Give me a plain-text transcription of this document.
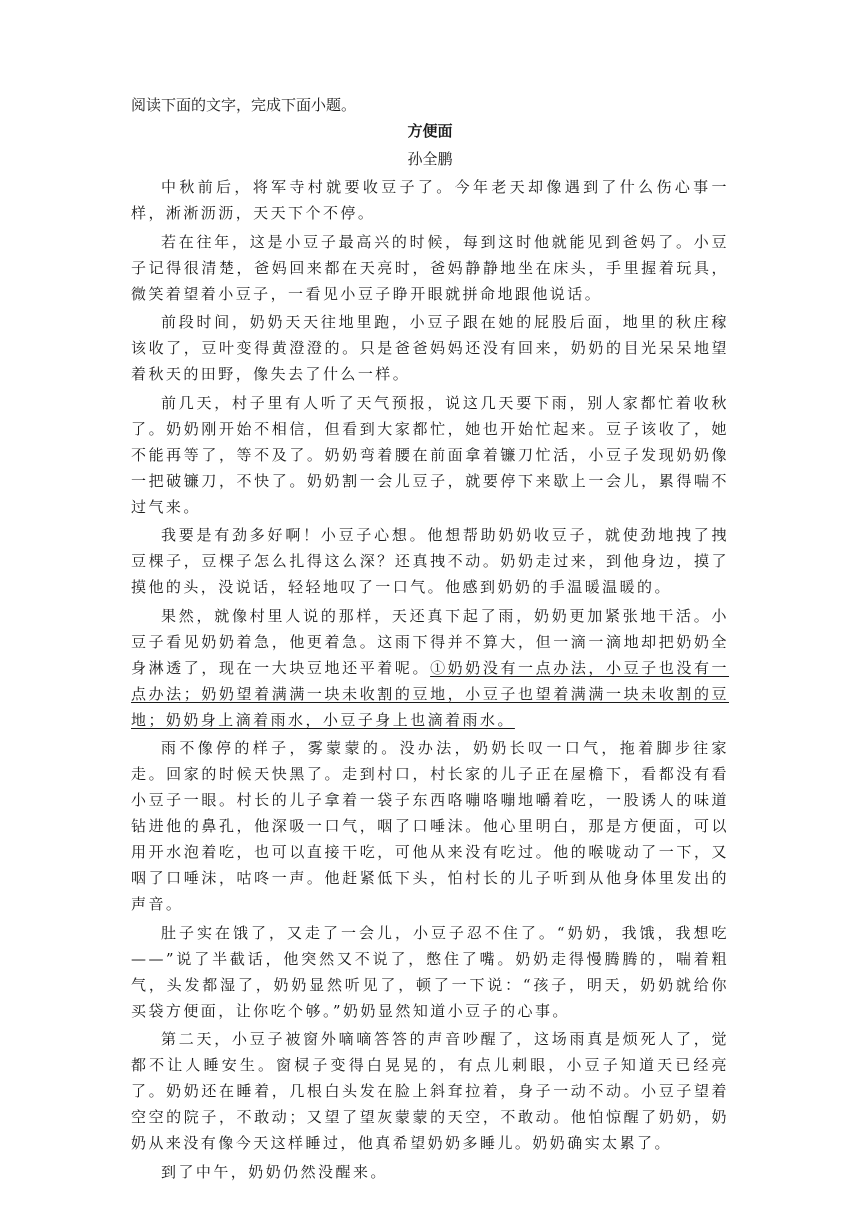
阅读下面的文字，完成下面小题。

方便面

孙全鹏

中秋前后，将军寺村就要收豆子了。今年老天却像遇到了什么伤心事一样，淅淅沥沥，天天下个不停。

若在往年，这是小豆子最高兴的时候，每到这时他就能见到爸妈了。小豆子记得很清楚，爸妈回来都在天亮时，爸妈静静地坐在床头，手里握着玩具，微笑着望着小豆子，一看见小豆子睁开眼就拼命地跟他说话。

前段时间，奶奶天天往地里跑，小豆子跟在她的屁股后面，地里的秋庄稼该收了，豆叶变得黄澄澄的。只是爸爸妈妈还没有回来，奶奶的目光呆呆地望着秋天的田野，像失去了什么一样。

前几天，村子里有人听了天气预报，说这几天要下雨，别人家都忙着收秋了。奶奶刚开始不相信，但看到大家都忙，她也开始忙起来。豆子该收了，她不能再等了，等不及了。奶奶弯着腰在前面拿着镰刀忙活，小豆子发现奶奶像一把破镰刀，不快了。奶奶割一会儿豆子，就要停下来歇上一会儿，累得喘不过气来。

我要是有劲多好啊！小豆子心想。他想帮助奶奶收豆子，就使劲地拽了拽豆棵子，豆棵子怎么扎得这么深？还真拽不动。奶奶走过来，到他身边，摸了摸他的头，没说话，轻轻地叹了一口气。他感到奶奶的手温暖温暖的。

果然，就像村里人说的那样，天还真下起了雨，奶奶更加紧张地干活。小豆子看见奶奶着急，他更着急。这雨下得并不算大，但一滴一滴地却把奶奶全身淋透了，现在一大块豆地还平着呢。①奶奶没有一点办法，小豆子也没有一点办法；奶奶望着满满一块未收割的豆地，小豆子也望着满满一块未收割的豆地；奶奶身上滴着雨水，小豆子身上也滴着雨水。

雨不像停的样子，雾蒙蒙的。没办法，奶奶长叹一口气，拖着脚步往家走。回家的时候天快黑了。走到村口，村长家的儿子正在屋檐下，看都没有看小豆子一眼。村长的儿子拿着一袋子东西咯嘣咯嘣地嚼着吃，一股诱人的味道钻进他的鼻孔，他深吸一口气，咽了口唾沫。他心里明白，那是方便面，可以用开水泡着吃，也可以直接干吃，可他从来没有吃过。他的喉咙动了一下，又咽了口唾沫，咕咚一声。他赶紧低下头，怕村长的儿子听到从他身体里发出的声音。

肚子实在饿了，又走了一会儿，小豆子忍不住了。“奶奶，我饿，我想吃——”说了半截话，他突然又不说了，憋住了嘴。奶奶走得慢腾腾的，喘着粗气，头发都湿了，奶奶显然听见了，顿了一下说：“孩子，明天，奶奶就给你买袋方便面，让你吃个够。”奶奶显然知道小豆子的心事。

第二天，小豆子被窗外嘀嘀答答的声音吵醒了，这场雨真是烦死人了，觉都不让人睡安生。窗棂子变得白晃晃的，有点儿刺眼，小豆子知道天已经亮了。奶奶还在睡着，几根白头发在脸上斜耷拉着，身子一动不动。小豆子望着空空的院子，不敢动；又望了望灰蒙蒙的天空，不敢动。他怕惊醒了奶奶，奶奶从来没有像今天这样睡过，他真希望奶奶多睡儿。奶奶确实太累了。

到了中午，奶奶仍然没醒来。
